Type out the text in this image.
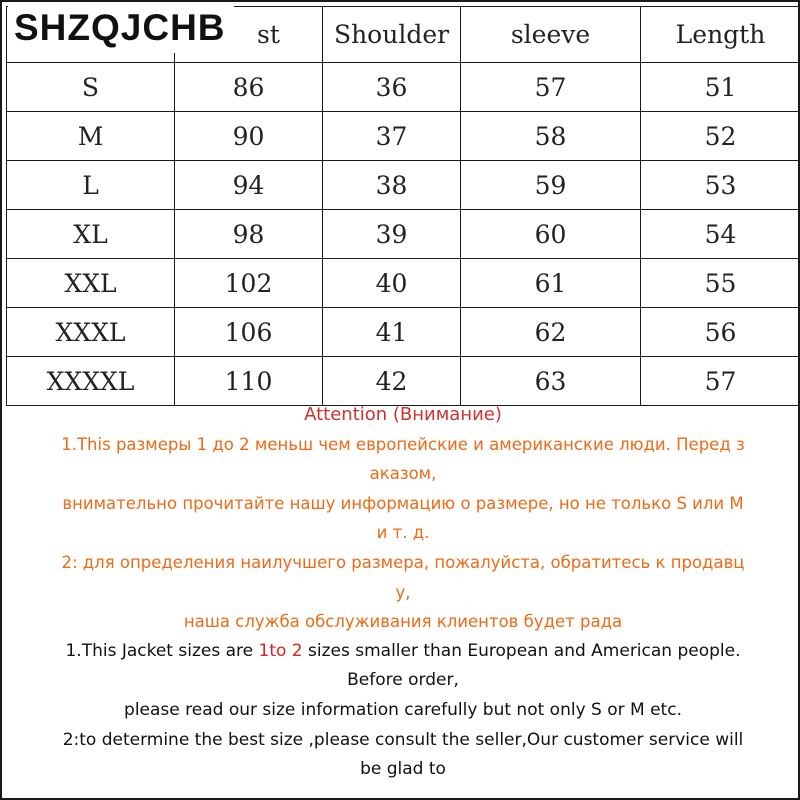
SHZQJCHB
		st	Shoulder	sleeve	Length
S	86	36	57	51
M	90	37	58	52
L	94	38	59	53
XL	98	39	60	54
XXL	102	40	61	55
XXXL	106	41	62	56
XXXXL	110	42	63	57
Attention (Внимание)
1.This размеры 1 до 2 меньш чем европейские и американские люди. Перед з
аказом,
внимательно прочитайте нашу информацию о размере, но не только S или M
и т. д.
2: для определения наилучшего размера, пожалуйста, обратитесь к продавц
у,
наша служба обслуживания клиентов будет рада
1.This Jacket sizes are 1to 2 sizes smaller than European and American people.
Before order,
please read our size information carefully but not only S or M etc.
2:to determine the best size ,please consult the seller,Our customer service will
be glad to
